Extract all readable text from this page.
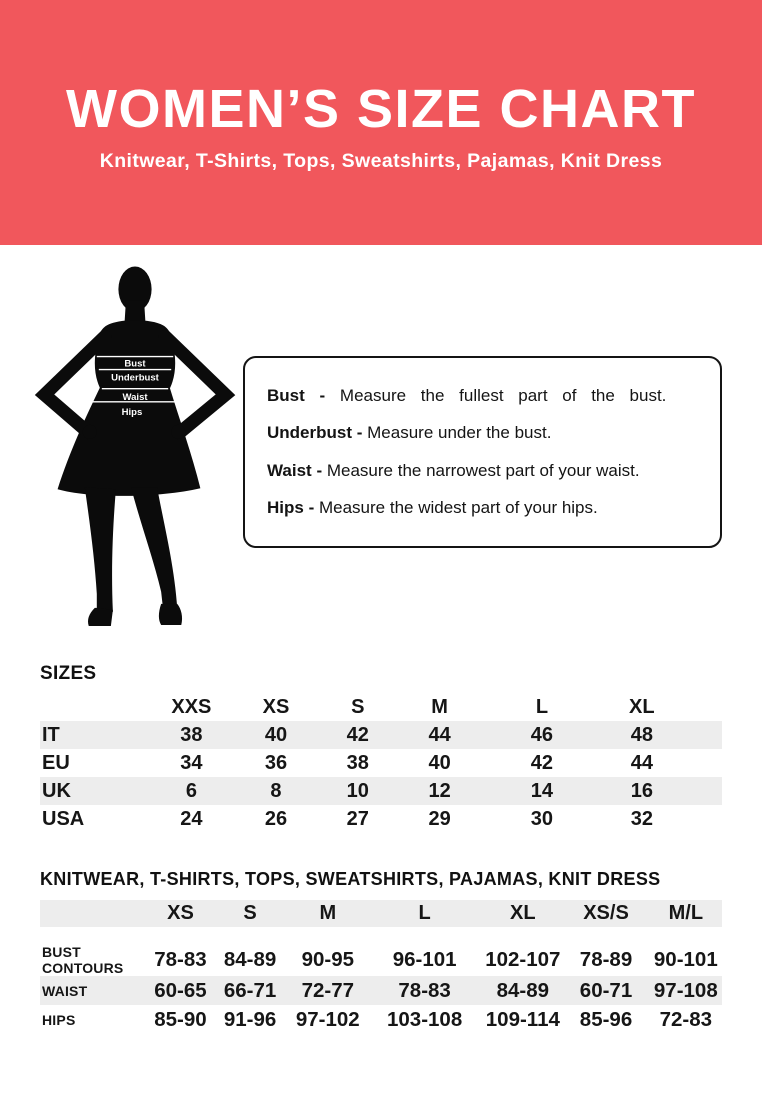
WOMEN’S SIZE CHART

Knitwear, T-Shirts, Tops, Sweatshirts, Pajamas, Knit Dress

Bust
Underbust
Waist
Hips

Bust - Measure the fullest part of the bust.

Underbust - Measure under the bust.

Waist - Measure the narrowest part of your waist.

Hips - Measure the widest part of your hips.

SIZES
	XXS	XS	S	M	L	XL	
IT	38	40	42	44	46	48	
EU	34	36	38	40	42	44	
UK	6	8	10	12	14	16	
USA	24	26	27	29	30	32	
KNITWEAR, T-SHIRTS, TOPS, SWEATSHIRTS, PAJAMAS, KNIT DRESS
	XS	S	M	L	XL	XS/S	M/L

BUST CONTOURS	78-83	84-89	90-95	96-101	102-107	78-89	90-101
WAIST	60-65	66-71	72-77	78-83	84-89	60-71	97-108
HIPS	85-90	91-96	97-102	103-108	109-114	85-96	72-83
